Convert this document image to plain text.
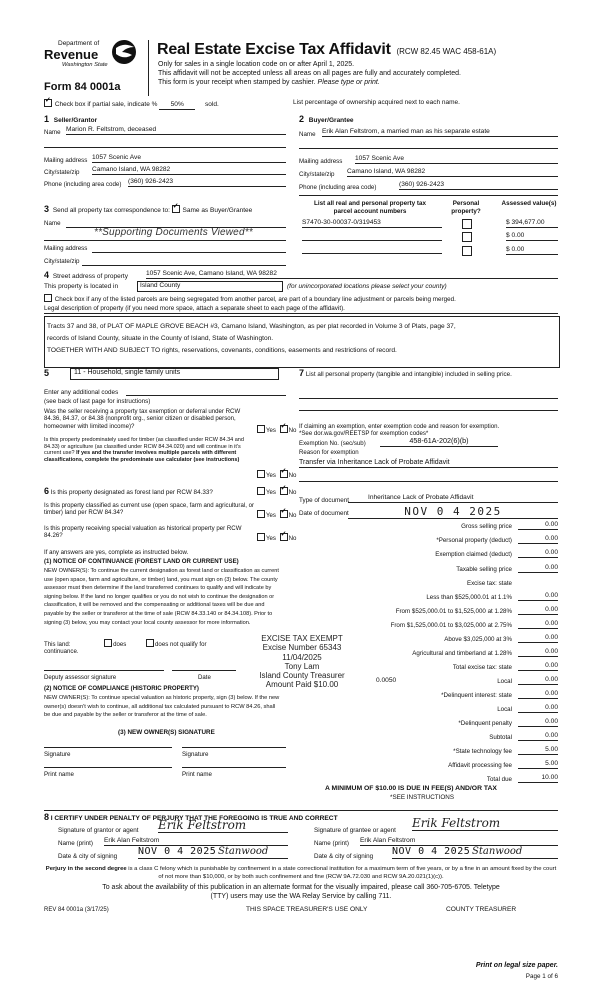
Department of
Revenue
Washington State
Form 84 0001a
Real Estate Excise Tax Affidavit (RCW 82.45 WAC 458-61A)
Only for sales in a single location code on or after April 1, 2025.
This affidavit will not be accepted unless all areas on all pages are fully and accurately completed.
This form is your receipt when stamped by cashier. Please type or print.
✓ Check box if partial sale, indicate % 50%	sold.	List percentage of ownership acquired next to each name.
1 Seller/Grantor
Name Marion R. Feltstrom, deceased
Mailing address 1057 Scenic Ave
City/state/zip Camano Island, WA 98282
Phone (including area code) (360) 926-2423
2 Buyer/Grantee
Name Erik Alan Feltstrom, a married man as his separate estate
Mailing address 1057 Scenic Ave
City/state/zip Camano Island, WA 98282
Phone (including area code)	(360) 926-2423
3 Send all property tax correspondence to: ✓ Same as Buyer/Grantee
Name
**Supporting Documents Viewed**
Mailing address
City/state/zip
List all real and personal property tax parcel account numbers
Personal property?
Assessed value(s)
S7470-30-00037-0/319453	$ 394,677.00
$ 0.00
$ 0.00
4 Street address of property	1057 Scenic Ave, Camano Island, WA 98282
This property is located in	Island County	(for unincorporated locations please select your county)
Check box if any of the listed parcels are being segregated from another parcel, are part of a boundary line adjustment or parcels being merged.
Legal description of property (if you need more space, attach a separate sheet to each page of the affidavit).
Tracts 37 and 38, of PLAT OF MAPLE GROVE BEACH #3, Camano Island, Washington, as per plat recorded in Volume 3 of Plats, page 37,
records of Island County, situate in the County of Island, State of Washington.
TOGETHER WITH AND SUBJECT TO rights, reservations, covenants, conditions, easements and restrictions of record.
5	11 - Household, single family units
Enter any additional codes
(see back of last page for instructions)
Was the seller receiving a property tax exemption or deferral under RCW 84.36, 84.37, or 84.38 (nonprofit org., senior citizen or disabled person, homeowner with limited income)?
Yes ✓ No
Is this property predominately used for timber (as classified under RCW 84.34 and 84.33) or agriculture (as classified under RCW 84.34.020) and will continue in it's current use? If yes and the transfer involves multiple parcels with different classifications, complete the predominate use calculator (see instructions)
Yes ✓ No
6 Is this property designated as forest land per RCW 84.33?	Yes ✓ No
Is this property classified as current use (open space, farm and agricultural, or timber) land per RCW 84.34?	Yes ✓ No
Is this property receiving special valuation as historical property per RCW 84.26?	Yes ✓ No
If any answers are yes, complete as instructed below.
(1) NOTICE OF CONTINUANCE (FOREST LAND OR CURRENT USE)
NEW OWNER(S): To continue the current designation as forest land or classification as current use (open space, farm and agriculture, or timber) land, you must sign on (3) below. The county assessor must then determine if the land transferred continues to qualify and will indicate by signing below. If the land no longer qualifies or you do not wish to continue the designation or classification, it will be removed and the compensating or additional taxes will be due and payable by the seller or transferor at the time of sale (RCW 84.33.140 or 84.34.108). Prior to signing (3) below, you may contact your local county assessor for more information.
This land:	does	does not qualify for
continuance.
Deputy assessor signature	Date
(2) NOTICE OF COMPLIANCE (HISTORIC PROPERTY)
NEW OWNER(S): To continue special valuation as historic property, sign (3) below. If the new owner(s) doesn't wish to continue, all additional tax calculated pursuant to RCW 84.26, shall be due and payable by the seller or transferor at the time of sale.
(3) NEW OWNER(S) SIGNATURE
Signature	Signature
Print name	Print name
7 List all personal property (tangible and intangible) included in selling price.
If claiming an exemption, enter exemption code and reason for exemption. *See dor.wa.gov/REETSP for exemption codes*
Exemption No. (sec/sub)	458-61A-202(6)(b)
Reason for exemption
Transfer via Inheritance Lack of Probate Affidavit
Type of document	Inheritance Lack of Probate Affidavit
Date of document	NOV 0 4 2025
Gross selling price	0.00
*Personal property (deduct)	0.00
Exemption claimed (deduct)	0.00
Taxable selling price	0.00
Excise tax: state
Less than $525,000.01 at 1.1%	0.00
From $525,000.01 to $1,525,000 at 1.28%	0.00
From $1,525,000.01 to $3,025,000 at 2.75%	0.00
Above $3,025,000 at 3%	0.00
Agricultural and timberland at 1.28%	0.00
Total excise tax: state	0.00
0.0050	Local	0.00
*Delinquent interest: state	0.00
Local	0.00
*Delinquent penalty	0.00
Subtotal	0.00
*State technology fee	5.00
Affidavit processing fee	5.00
Total due	10.00
A MINIMUM OF $10.00 IS DUE IN FEE(S) AND/OR TAX
*SEE INSTRUCTIONS
EXCISE TAX EXEMPT
Excise Number 65343
11/04/2025
Tony Lam
Island County Treasurer
Amount Paid $10.00
8 I CERTIFY UNDER PENALTY OF PERJURY THAT THE FOREGOING IS TRUE AND CORRECT
Signature of grantor or agent Erik Feltstrom
Name (print) Erik Alan Feltstrom
Date & city of signing NOV 0 4 2025 Stanwood
Signature of grantee or agent
Erik Feltstrom
Name (print) Erik Alan Feltstrom
Date & city of signing NOV 0 4 2025 Stanwood
Perjury in the second degree is a class C felony which is punishable by confinement in a state correctional institution for a maximum term of five years, or by a fine in an amount fixed by the court of not more than $10,000, or by both such confinement and fine (RCW 9A.72.030 and RCW 9A.20.021(1)(c)).
To ask about the availability of this publication in an alternate format for the visually impaired, please call 360-705-6705. Teletype
(TTY) users may use the WA Relay Service by calling 711.
REV 84 0001a (3/17/25)	THIS SPACE TREASURER'S USE ONLY	COUNTY TREASURER
Print on legal size paper.
Page 1 of 6
